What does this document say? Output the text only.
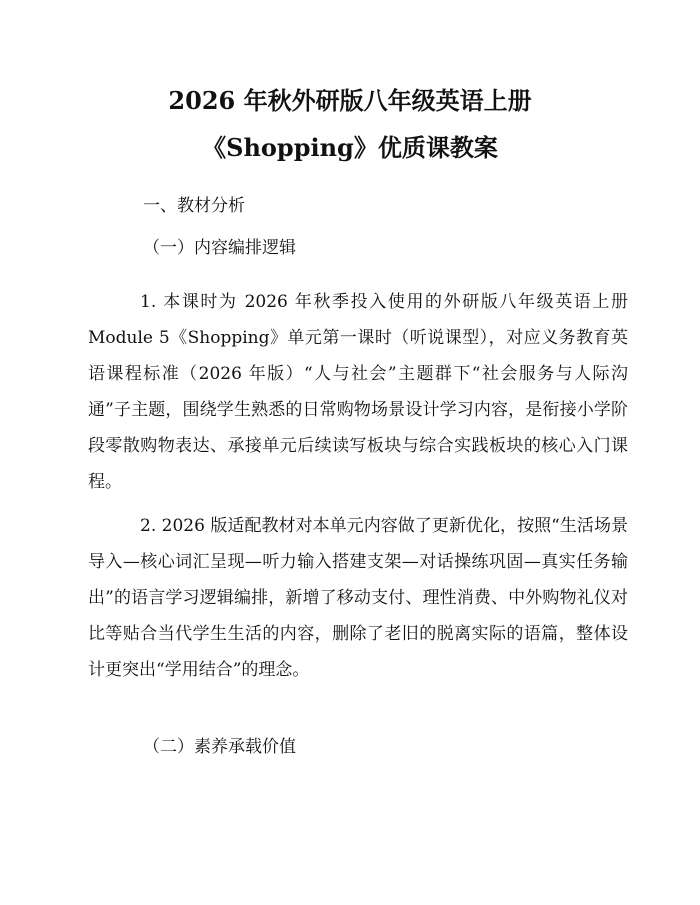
2026 年秋外研版八年级英语上册
《Shopping》优质课教案
一、教材分析
（一）内容编排逻辑

1. 本课时为 2026 年秋季投入使用的外研版八年级英语上册 Module 5《Shopping》单元第一课时（听说课型），对应义务教育英语课程标准（2026 年版）“人与社会”主题群下“社会服务与人际沟通”子主题，围绕学生熟悉的日常购物场景设计学习内容，是衔接小学阶段零散购物表达、承接单元后续读写板块与综合实践板块的核心入门课程。

2. 2026 版适配教材对本单元内容做了更新优化，按照“生活场景导入—核心词汇呈现—听力输入搭建支架—对话操练巩固—真实任务输出”的语言学习逻辑编排，新增了移动支付、理性消费、中外购物礼仪对比等贴合当代学生生活的内容，删除了老旧的脱离实际的语篇，整体设计更突出“学用结合”的理念。

（二）素养承载价值
